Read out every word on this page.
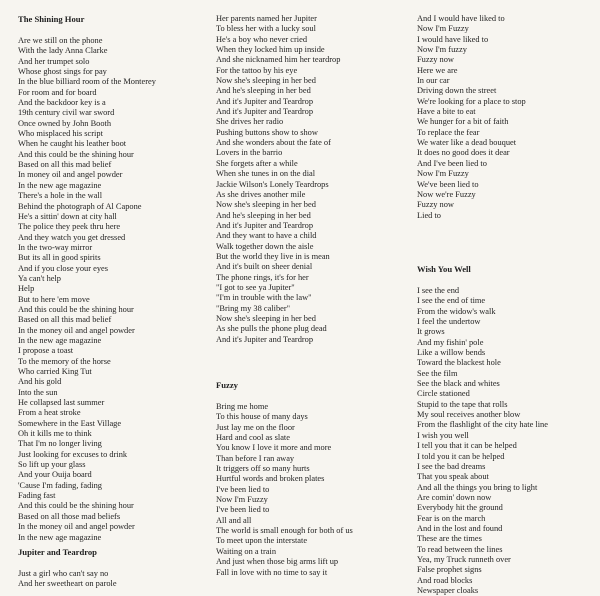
The Shining Hour
Are we still on the phone
With the lady Anna Clarke
And her trumpet solo
Whose ghost sings for pay
In the blue billiard room of the Monterey
For room and for board
And the backdoor key is a
19th century civil war sword
Once owned by John Booth
Who misplaced his script
When he caught his leather boot
And this could be the shining hour
Based on all this mad belief
In money oil and angel powder
In the new age magazine
There's a hole in the wall
Behind the photograph of Al Capone
He's a sittin' down at city hall
The police they peek thru here
And they watch you get dressed
In the two-way mirror
But its all in good spirits
And if you close your eyes
Ya can't help
Help
But to here 'em move
And this could be the shining hour
Based on all this mad belief
In the money oil and angel powder
In the new age magazine
I propose a toast
To the memory of the horse
Who carried King Tut
And his gold
Into the sun
He collapsed last summer
From a heat stroke
Somewhere in the East Village
Oh it kills me to think
That I'm no longer living
Just looking for excuses to drink
So lift up your glass
And your Ouija board
'Cause I'm fading, fading
Fading fast
And this could be the shining hour
Based on all those mad beliefs
In the money oil and angel powder
In the new age magazine
Jupiter and Teardrop
Just a girl who can't say no
And her sweetheart on parole
Her parents named her Jupiter
To bless her with a lucky soul
He's a boy who never cried
When they locked him up inside
And she nicknamed him her teardrop
For the tattoo by his eye
Now she's sleeping in her bed
And he's sleeping in her bed
And it's Jupiter and Teardrop
And it's Jupiter and Teardrop
She drives her radio
Pushing buttons show to show
And she wonders about the fate of
Lovers in the barrio
She forgets after a while
When she tunes in on the dial
Jackie Wilson's Lonely Teardrops
As she drives another mile
Now she's sleeping in her bed
And he's sleeping in her bed
And it's Jupiter and Teardrop
And they want to have a child
Walk together down the aisle
But the world they live in is mean
And it's built on sheer denial
The phone rings, it's for her
"I got to see ya Jupiter"
"I'm in trouble with the law"
"Bring my 38 caliber"
Now she's sleeping in her bed
As she pulls the phone plug dead
And it's Jupiter and Teardrop
Fuzzy
Bring me home
To this house of many days
Just lay me on the floor
Hard and cool as slate
You know I love it more and more
Than before I ran away
It triggers off so many hurts
Hurtful words and broken plates
I've been lied to
Now I'm Fuzzy
I've been lied to
All and all
The world is small enough for both of us
To meet upon the interstate
Waiting on a train
And just when those big arms lift up
Fall in love with no time to say it
And I would have liked to
Now I'm Fuzzy
I would have liked to
Now I'm fuzzy
Fuzzy now
Here we are
In our car
Driving down the street
We're looking for a place to stop
Have a bite to eat
We hunger for a bit of faith
To replace the fear
We water like a dead bouquet
It does no good does it dear
And I've been lied to
Now I'm Fuzzy
We've been lied to
Now we're Fuzzy
Fuzzy now
Lied to
Wish You Well
I see the end
I see the end of time
From the widow's walk
I feel the undertow
It grows
And my fishin' pole
Like a willow bends
Toward the blackest hole
See the film
See the black and whites
Circle stationed
Stupid to the tape that rolls
My soul receives another blow
From the flashlight of the city hate line
I wish you well
I tell you that it can be helped
I told you it can be helped
I see the bad dreams
That you speak about
And all the things you bring to light
Are comin' down now
Everybody hit the ground
Fear is on the march
And in the lost and found
These are the times
To read between the lines
Yea, my Truck runneth over
False prophet signs
And road blocks
Newspaper cloaks
